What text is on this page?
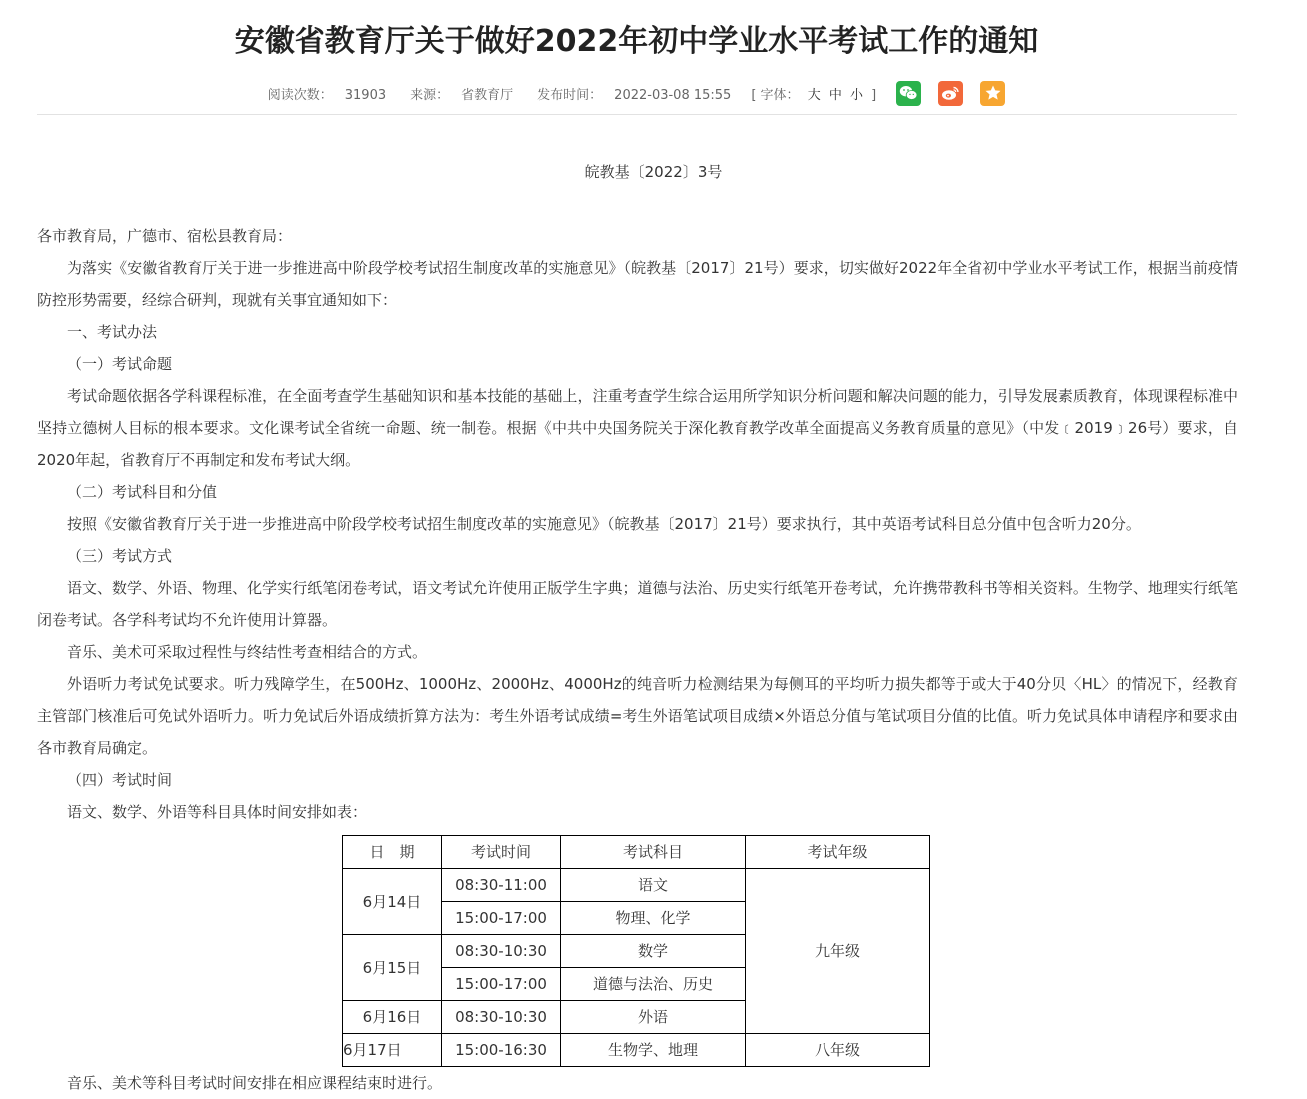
安徽省教育厅关于做好2022年初中学业水平考试工作的通知
阅读次数： 31903	来源： 省教育厅	发布时间： 2022-03-08 15:55	[ 字体： 大 中 小 ]
皖教基〔2022〕3号

各市教育局，广德市、宿松县教育局：

为落实《安徽省教育厅关于进一步推进高中阶段学校考试招生制度改革的实施意见》（皖教基〔2017〕21号）要求，切实做好2022年全省初中学业水平考试工作，根据当前疫情防控形势需要，经综合研判，现就有关事宜通知如下：

一、考试办法

（一）考试命题

考试命题依据各学科课程标准，在全面考查学生基础知识和基本技能的基础上，注重考查学生综合运用所学知识分析问题和解决问题的能力，引导发展素质教育，体现课程标准中坚持立德树人目标的根本要求。文化课考试全省统一命题、统一制卷。根据《中共中央国务院关于深化教育教学改革全面提高义务教育质量的意见》（中发﹝2019﹞26号）要求，自2020年起，省教育厅不再制定和发布考试大纲。

（二）考试科目和分值

按照《安徽省教育厅关于进一步推进高中阶段学校考试招生制度改革的实施意见》（皖教基〔2017〕21号）要求执行，其中英语考试科目总分值中包含听力20分。

（三）考试方式

语文、数学、外语、物理、化学实行纸笔闭卷考试，语文考试允许使用正版学生字典；道德与法治、历史实行纸笔开卷考试，允许携带教科书等相关资料。生物学、地理实行纸笔闭卷考试。各学科考试均不允许使用计算器。

音乐、美术可采取过程性与终结性考查相结合的方式。

外语听力考试免试要求。听力残障学生，在500Hz、1000Hz、2000Hz、4000Hz的纯音听力检测结果为每侧耳的平均听力损失都等于或大于40分贝〈HL〉的情况下，经教育主管部门核准后可免试外语听力。听力免试后外语成绩折算方法为：考生外语考试成绩=考生外语笔试项目成绩×外语总分值与笔试项目分值的比值。听力免试具体申请程序和要求由各市教育局确定。

（四）考试时间

语文、数学、外语等科目具体时间安排如表：

日　期	考试时间	考试科目	考试年级
6月14日	08:30-11:00	语文	九年级
	15:00-17:00	物理、化学	
6月15日	08:30-10:30	数学	
	15:00-17:00	道德与法治、历史	
6月16日	08:30-10:30	外语	
6月17日	15:00-16:30	生物学、地理	八年级

音乐、美术等科目考试时间安排在相应课程结束时进行。
